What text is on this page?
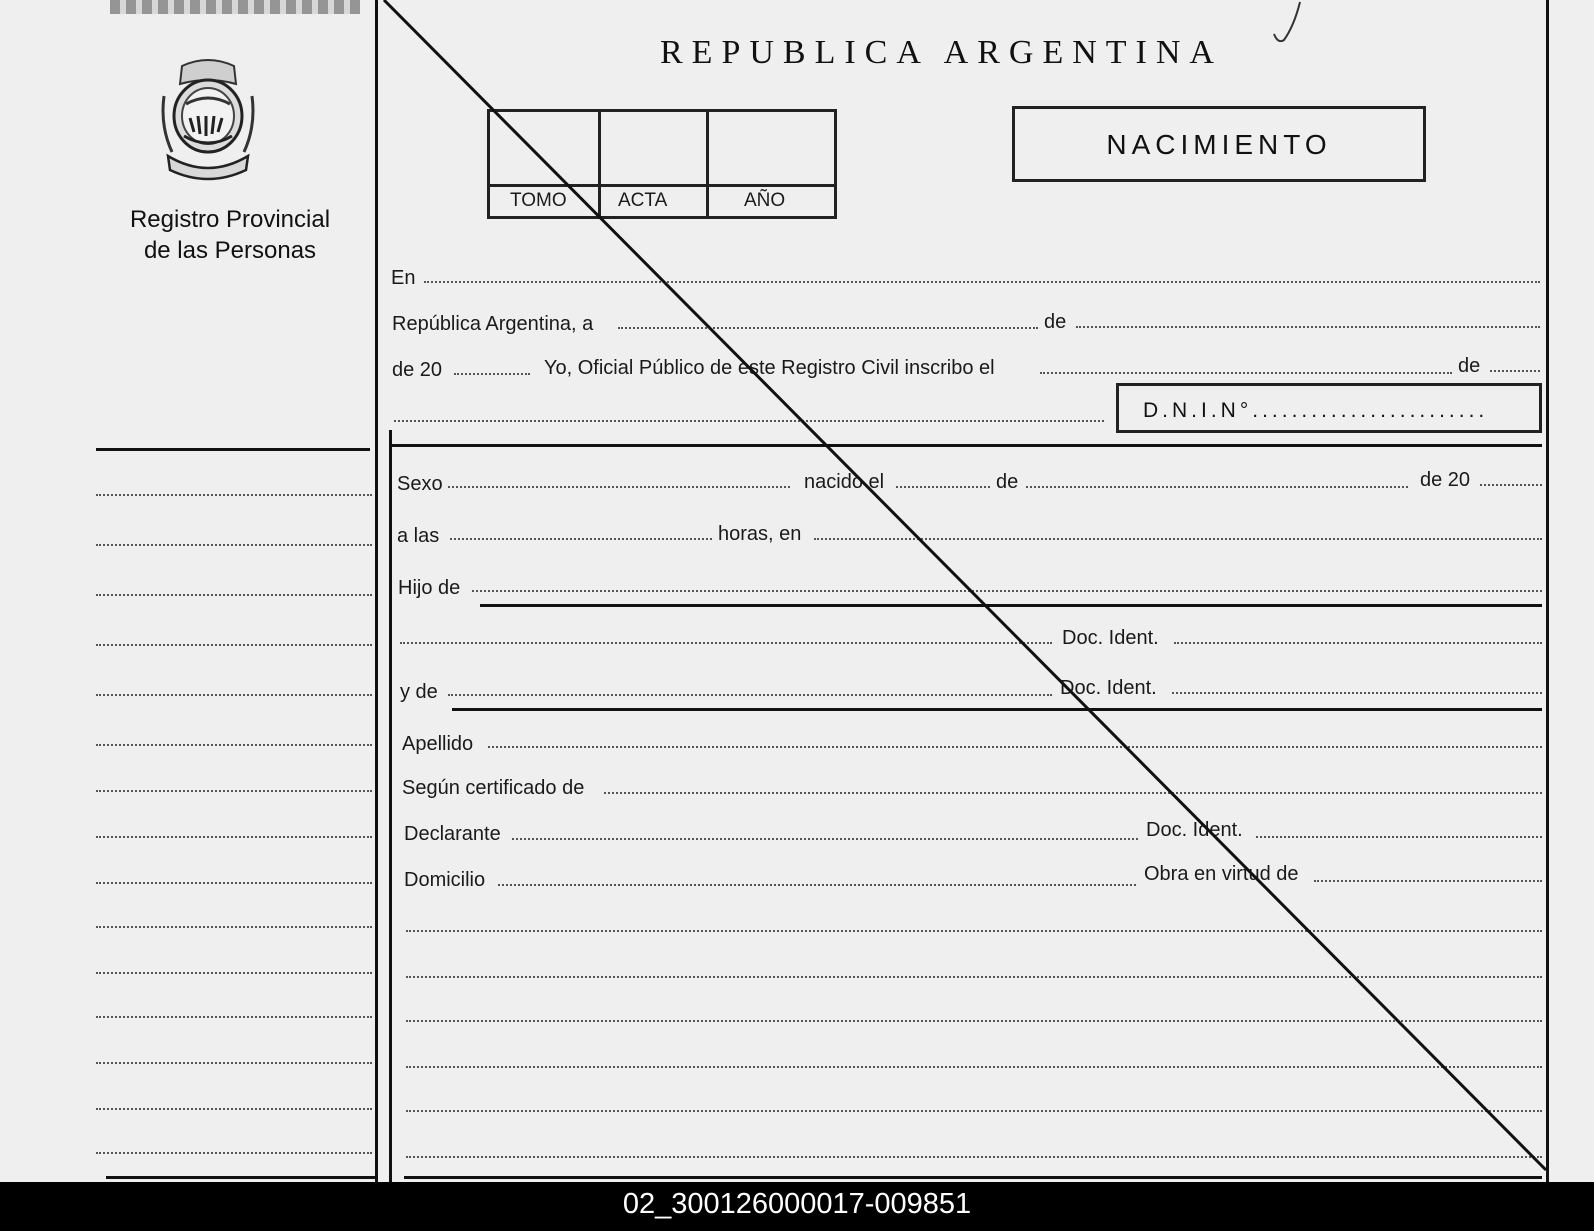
Registro Provincial
de las Personas
REPUBLICA ARGENTINA
TOMO	ACTA	AÑO
NACIMIENTO
En
República Argentina, a	de
de 20	Yo, Oficial Público de este Registro Civil inscribo el	de
D.N.I.N°........................
Sexo	nacido el	de	de 20
a las	horas, en
Hijo de
Doc. Ident.
y de	Doc. Ident.
Apellido
Según certificado de
Declarante	Doc. Ident.
Domicilio	Obra en virtud de
02_300126000017-009851
